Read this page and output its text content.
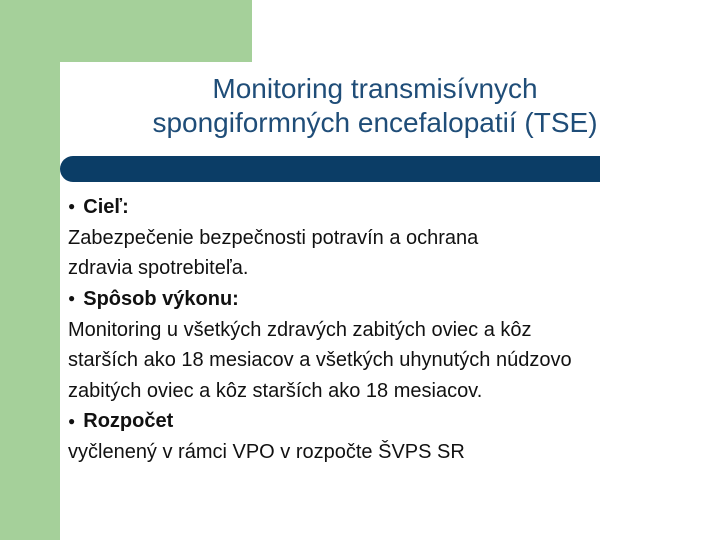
Monitoring transmisívnych
spongiformných encefalopatií (TSE)
● Cieľ:
Zabezpečenie bezpečnosti potravín a ochrana
zdravia spotrebiteľa.
● Spôsob výkonu:
Monitoring u všetkých zdravých zabitých oviec a kôz
starších ako 18 mesiacov a všetkých uhynutých núdzovo
zabitých oviec a kôz starších ako 18 mesiacov.
● Rozpočet
vyčlenený v rámci VPO v rozpočte ŠVPS SR
